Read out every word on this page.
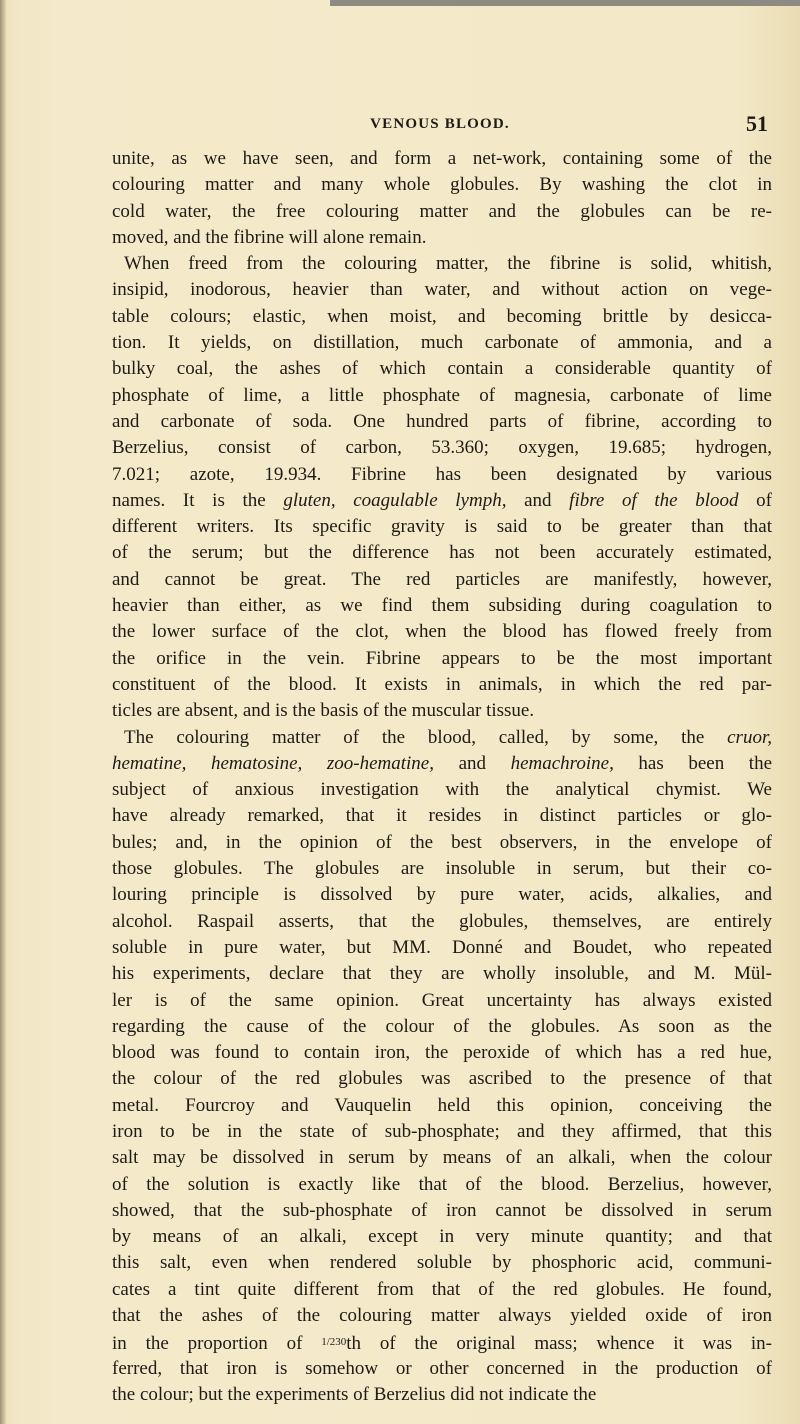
VENOUS BLOOD.	51
unite, as we have seen, and form a net-work, containing some of the
colouring matter and many whole globules. By washing the clot in
cold water, the free colouring matter and the globules can be re-
moved, and the fibrine will alone remain.
When freed from the colouring matter, the fibrine is solid, whitish,
insipid, inodorous, heavier than water, and without action on vege-
table colours; elastic, when moist, and becoming brittle by desicca-
tion. It yields, on distillation, much carbonate of ammonia, and a
bulky coal, the ashes of which contain a considerable quantity of
phosphate of lime, a little phosphate of magnesia, carbonate of lime
and carbonate of soda. One hundred parts of fibrine, according to
Berzelius, consist of carbon, 53.360; oxygen, 19.685; hydrogen,
7.021; azote, 19.934. Fibrine has been designated by various
names. It is the gluten, coagulable lymph, and fibre of the blood of
different writers. Its specific gravity is said to be greater than that
of the serum; but the difference has not been accurately estimated,
and cannot be great. The red particles are manifestly, however,
heavier than either, as we find them subsiding during coagulation to
the lower surface of the clot, when the blood has flowed freely from
the orifice in the vein. Fibrine appears to be the most important
constituent of the blood. It exists in animals, in which the red par-
ticles are absent, and is the basis of the muscular tissue.
The colouring matter of the blood, called, by some, the cruor,
hematine, hematosine, zoo-hematine, and hemachroine, has been the
subject of anxious investigation with the analytical chymist. We
have already remarked, that it resides in distinct particles or glo-
bules; and, in the opinion of the best observers, in the envelope of
those globules. The globules are insoluble in serum, but their co-
louring principle is dissolved by pure water, acids, alkalies, and
alcohol. Raspail asserts, that the globules, themselves, are entirely
soluble in pure water, but MM. Donné and Boudet, who repeated
his experiments, declare that they are wholly insoluble, and M. Mül-
ler is of the same opinion. Great uncertainty has always existed
regarding the cause of the colour of the globules. As soon as the
blood was found to contain iron, the peroxide of which has a red hue,
the colour of the red globules was ascribed to the presence of that
metal. Fourcroy and Vauquelin held this opinion, conceiving the
iron to be in the state of sub-phosphate; and they affirmed, that this
salt may be dissolved in serum by means of an alkali, when the colour
of the solution is exactly like that of the blood. Berzelius, however,
showed, that the sub-phosphate of iron cannot be dissolved in serum
by means of an alkali, except in very minute quantity; and that
this salt, even when rendered soluble by phosphoric acid, communi-
cates a tint quite different from that of the red globules. He found,
that the ashes of the colouring matter always yielded oxide of iron
in the proportion of $^{1/230}$th of the original mass; whence it was in-
ferred, that iron is somehow or other concerned in the production of
the colour; but the experiments of Berzelius did not indicate the
